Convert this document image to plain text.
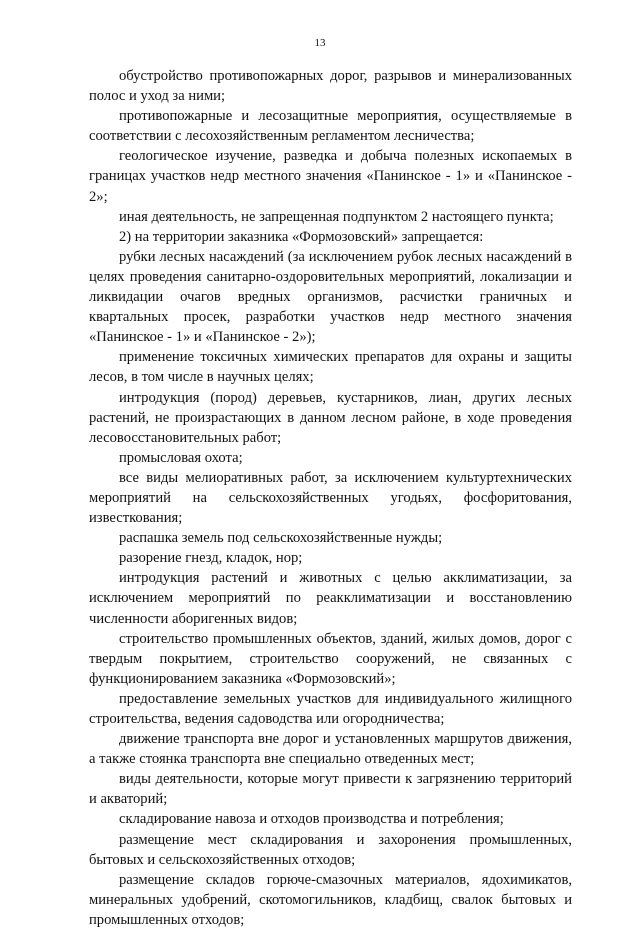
13

обустройство противопожарных дорог, разрывов и минерализованных полос и уход за ними;

противопожарные и лесозащитные мероприятия, осуществляемые в соответствии с лесохозяйственным регламентом лесничества;

геологическое изучение, разведка и добыча полезных ископаемых в границах участков недр местного значения «Панинское - 1» и «Панинское - 2»;

иная деятельность, не запрещенная подпунктом 2 настоящего пункта;

2) на территории заказника «Формозовский» запрещается:

рубки лесных насаждений (за исключением рубок лесных насаждений в целях проведения санитарно-оздоровительных мероприятий, локализации и ликвидации очагов вредных организмов, расчистки граничных и квартальных просек, разработки участков недр местного значения «Панинское - 1» и «Панинское - 2»);

применение токсичных химических препаратов для охраны и защиты лесов, в том числе в научных целях;

интродукция (пород) деревьев, кустарников, лиан, других лесных растений, не произрастающих в данном лесном районе, в ходе проведения лесовосстановительных работ;

промысловая охота;

все виды мелиоративных работ, за исключением культуртехнических мероприятий на сельскохозяйственных угодьях, фосфоритования, известкования;

распашка земель под сельскохозяйственные нужды;

разорение гнезд, кладок, нор;

интродукция растений и животных с целью акклиматизации, за исключением мероприятий по реакклиматизации и восстановлению численности аборигенных видов;

строительство промышленных объектов, зданий, жилых домов, дорог с твердым покрытием, строительство сооружений, не связанных с функционированием заказника «Формозовский»;

предоставление земельных участков для индивидуального жилищного строительства, ведения садоводства или огородничества;

движение транспорта вне дорог и установленных маршрутов движения, а также стоянка транспорта вне специально отведенных мест;

виды деятельности, которые могут привести к загрязнению территорий и акваторий;

складирование навоза и отходов производства и потребления;

размещение мест складирования и захоронения промышленных, бытовых и сельскохозяйственных отходов;

размещение складов горюче-смазочных материалов, ядохимикатов, минеральных удобрений, скотомогильников, кладбищ, свалок бытовых и промышленных отходов;
